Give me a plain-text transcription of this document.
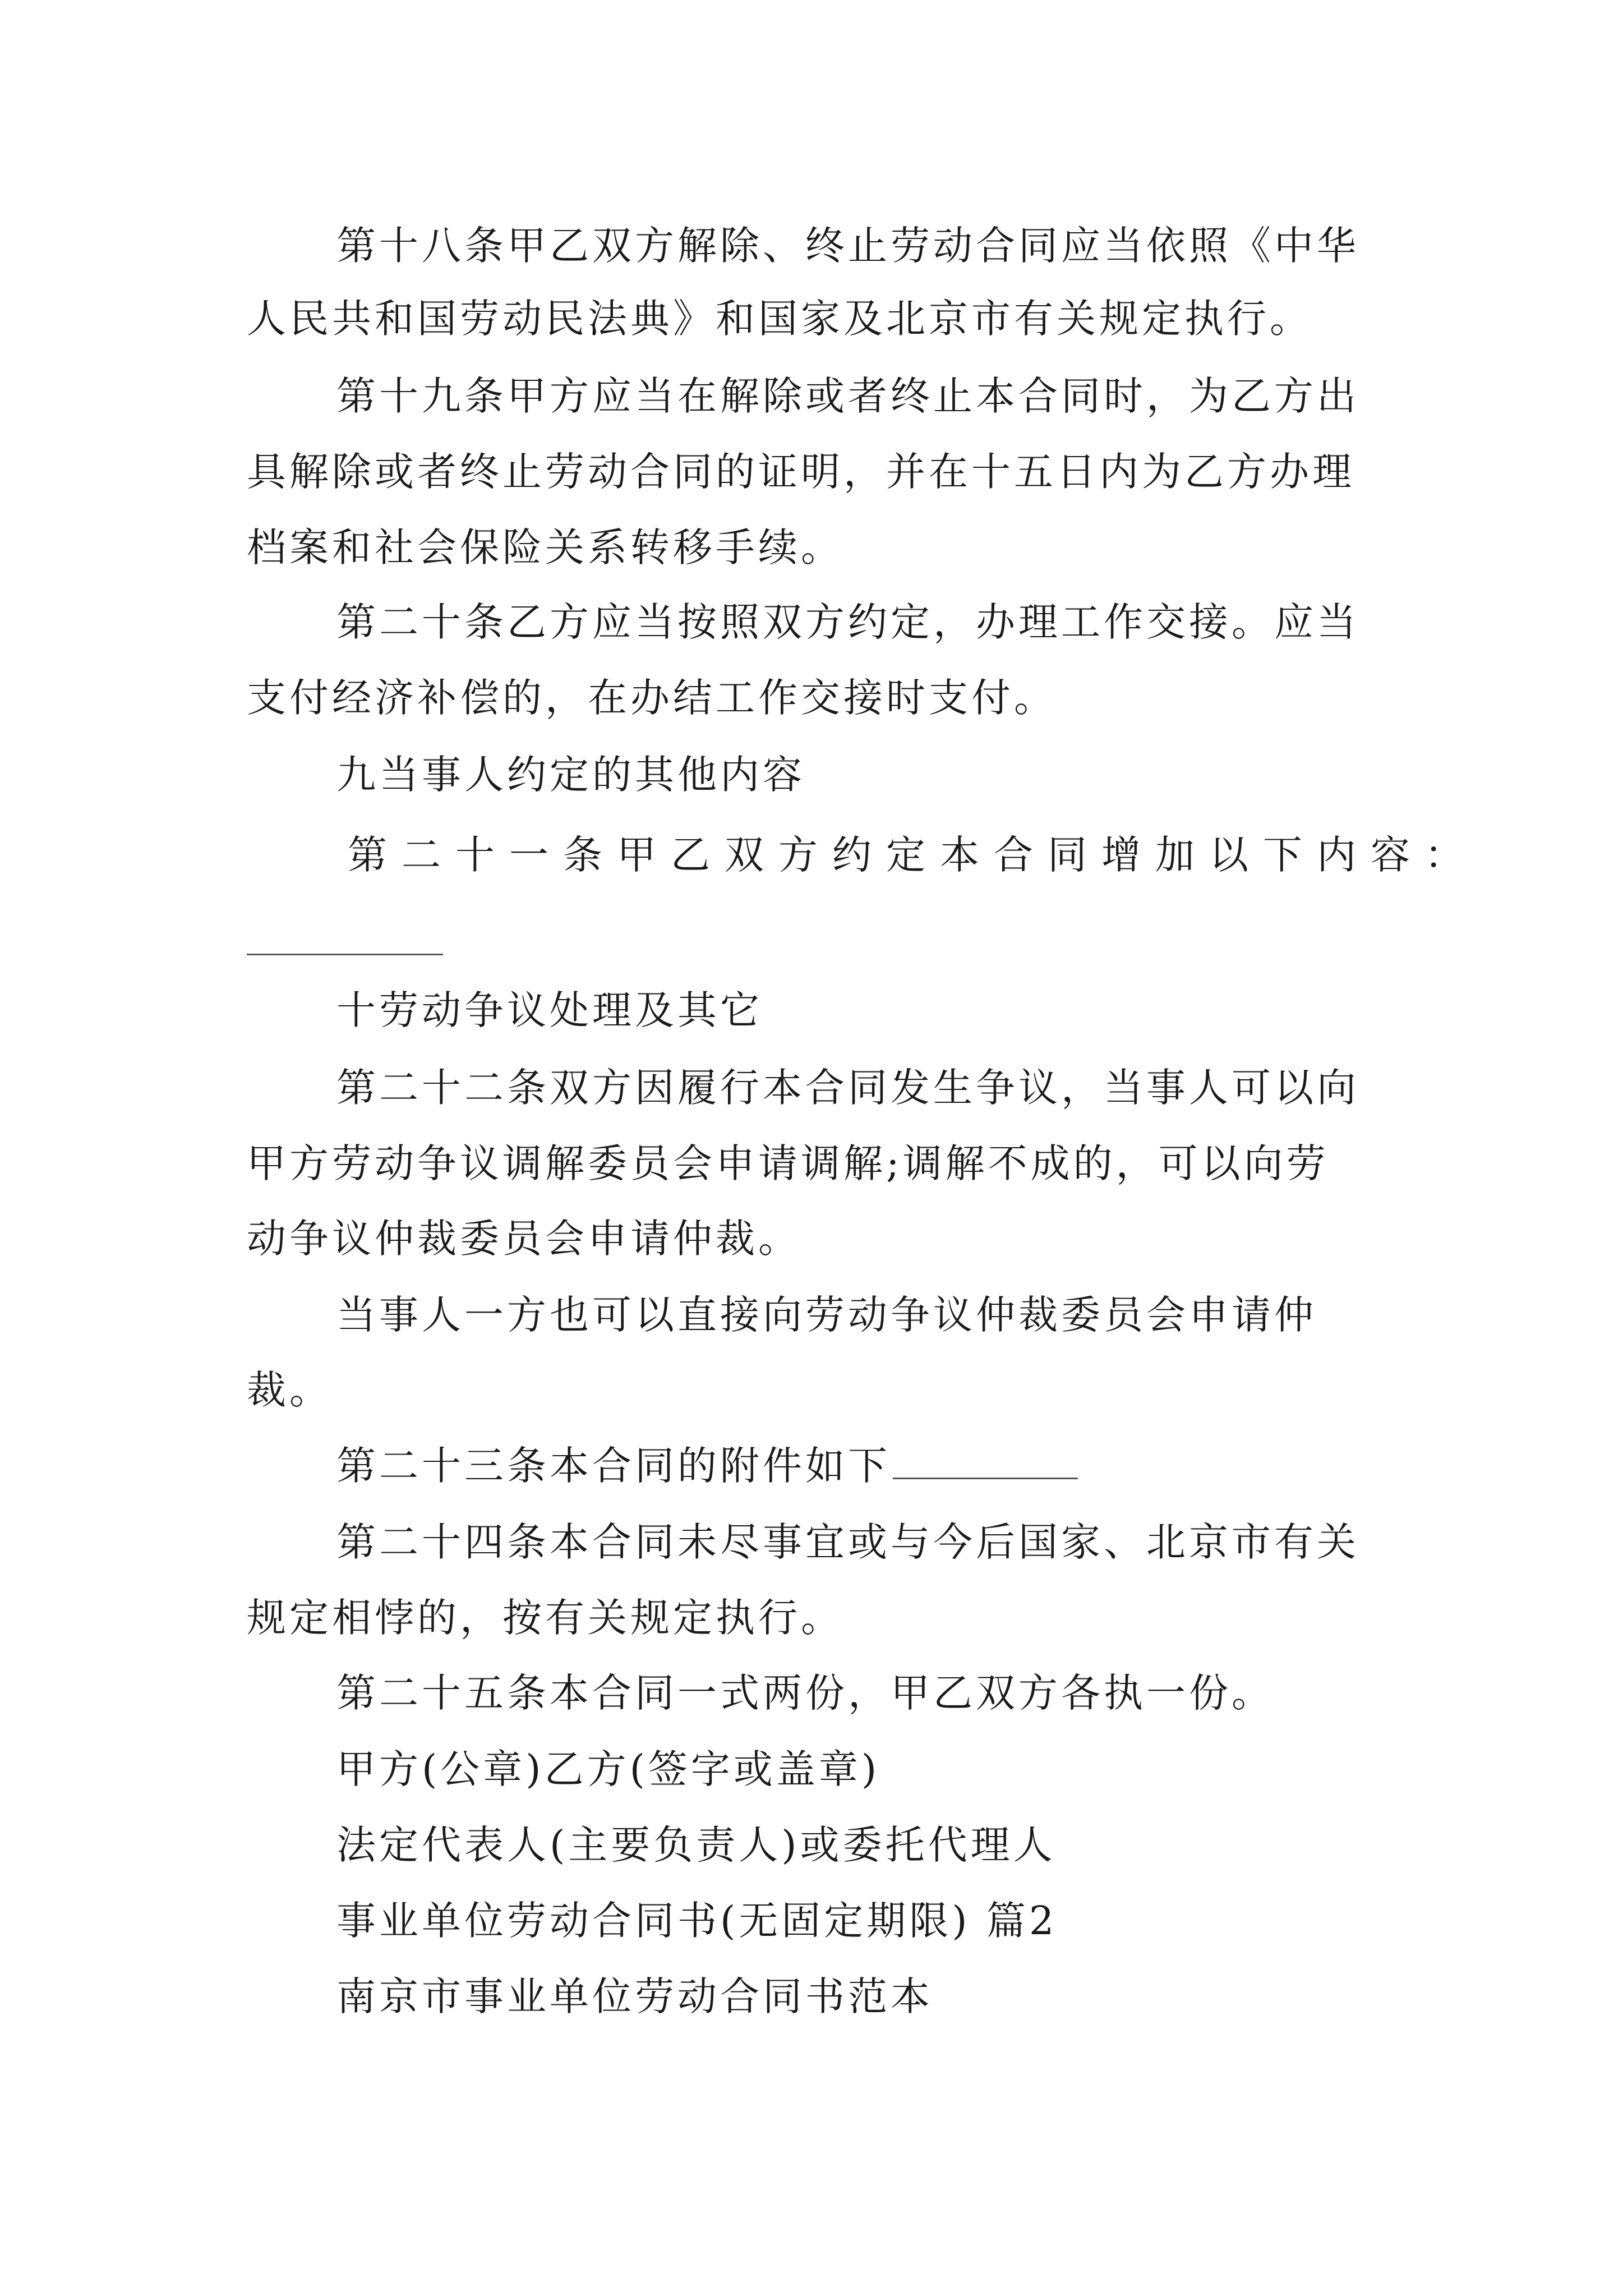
第十八条甲乙双方解除、终止劳动合同应当依照《中华
人民共和国劳动民法典》和国家及北京市有关规定执行。
第十九条甲方应当在解除或者终止本合同时，为乙方出
具解除或者终止劳动合同的证明，并在十五日内为乙方办理
档案和社会保险关系转移手续。
第二十条乙方应当按照双方约定，办理工作交接。应当
支付经济补偿的，在办结工作交接时支付。
九当事人约定的其他内容
第二十一条甲乙双方约定本合同增加以下内容：
十劳动争议处理及其它
第二十二条双方因履行本合同发生争议，当事人可以向
甲方劳动争议调解委员会申请调解;调解不成的，可以向劳
动争议仲裁委员会申请仲裁。
当事人一方也可以直接向劳动争议仲裁委员会申请仲
裁。
第二十三条本合同的附件如下
第二十四条本合同未尽事宜或与今后国家、北京市有关
规定相悖的，按有关规定执行。
第二十五条本合同一式两份，甲乙双方各执一份。
甲方(公章)乙方(签字或盖章)
法定代表人(主要负责人)或委托代理人
事业单位劳动合同书(无固定期限) 篇2
南京市事业单位劳动合同书范本
